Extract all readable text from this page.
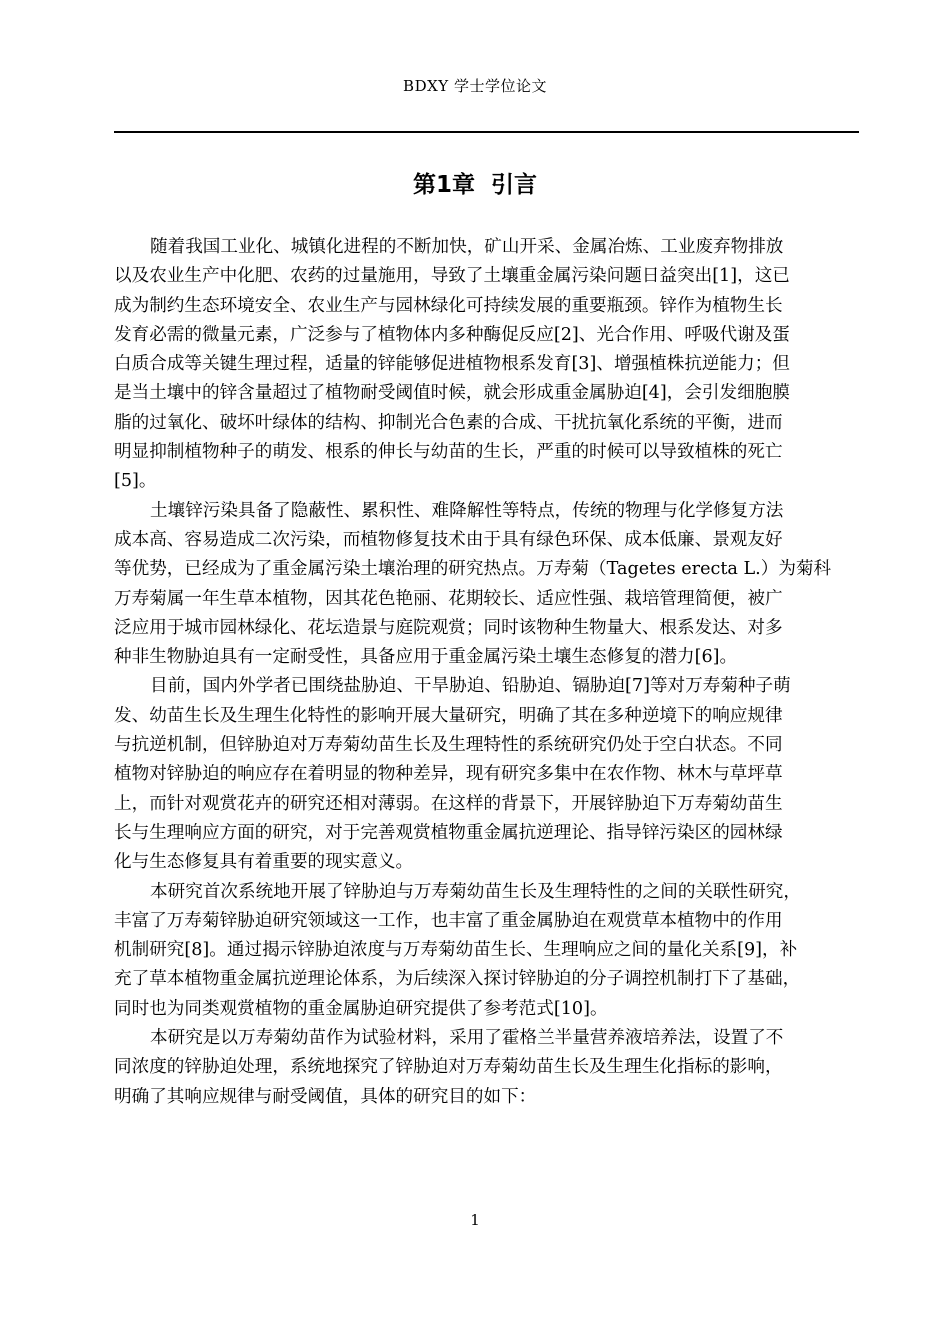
BDXY 学士学位论文
第1章  引言
随着我国工业化、城镇化进程的不断加快，矿山开采、金属冶炼、工业废弃物排放
以及农业生产中化肥、农药的过量施用，导致了土壤重金属污染问题日益突出[1]，这已
成为制约生态环境安全、农业生产与园林绿化可持续发展的重要瓶颈。锌作为植物生长
发育必需的微量元素，广泛参与了植物体内多种酶促反应[2]、光合作用、呼吸代谢及蛋
白质合成等关键生理过程，适量的锌能够促进植物根系发育[3]、增强植株抗逆能力；但
是当土壤中的锌含量超过了植物耐受阈值时候，就会形成重金属胁迫[4]，会引发细胞膜
脂的过氧化、破坏叶绿体的结构、抑制光合色素的合成、干扰抗氧化系统的平衡，进而
明显抑制植物种子的萌发、根系的伸长与幼苗的生长，严重的时候可以导致植株的死亡
[5]。
土壤锌污染具备了隐蔽性、累积性、难降解性等特点，传统的物理与化学修复方法
成本高、容易造成二次污染，而植物修复技术由于具有绿色环保、成本低廉、景观友好
等优势，已经成为了重金属污染土壤治理的研究热点。万寿菊（Tagetes erecta L.）为菊科
万寿菊属一年生草本植物，因其花色艳丽、花期较长、适应性强、栽培管理简便，被广
泛应用于城市园林绿化、花坛造景与庭院观赏；同时该物种生物量大、根系发达、对多
种非生物胁迫具有一定耐受性，具备应用于重金属污染土壤生态修复的潜力[6]。
目前，国内外学者已围绕盐胁迫、干旱胁迫、铅胁迫、镉胁迫[7]等对万寿菊种子萌
发、幼苗生长及生理生化特性的影响开展大量研究，明确了其在多种逆境下的响应规律
与抗逆机制，但锌胁迫对万寿菊幼苗生长及生理特性的系统研究仍处于空白状态。不同
植物对锌胁迫的响应存在着明显的物种差异，现有研究多集中在农作物、林木与草坪草
上，而针对观赏花卉的研究还相对薄弱。在这样的背景下，开展锌胁迫下万寿菊幼苗生
长与生理响应方面的研究，对于完善观赏植物重金属抗逆理论、指导锌污染区的园林绿
化与生态修复具有着重要的现实意义。
本研究首次系统地开展了锌胁迫与万寿菊幼苗生长及生理特性的之间的关联性研究，
丰富了万寿菊锌胁迫研究领域这一工作，也丰富了重金属胁迫在观赏草本植物中的作用
机制研究[8]。通过揭示锌胁迫浓度与万寿菊幼苗生长、生理响应之间的量化关系[9]，补
充了草本植物重金属抗逆理论体系，为后续深入探讨锌胁迫的分子调控机制打下了基础，
同时也为同类观赏植物的重金属胁迫研究提供了参考范式[10]。
本研究是以万寿菊幼苗作为试验材料，采用了霍格兰半量营养液培养法，设置了不
同浓度的锌胁迫处理，系统地探究了锌胁迫对万寿菊幼苗生长及生理生化指标的影响，
明确了其响应规律与耐受阈值，具体的研究目的如下：
1
